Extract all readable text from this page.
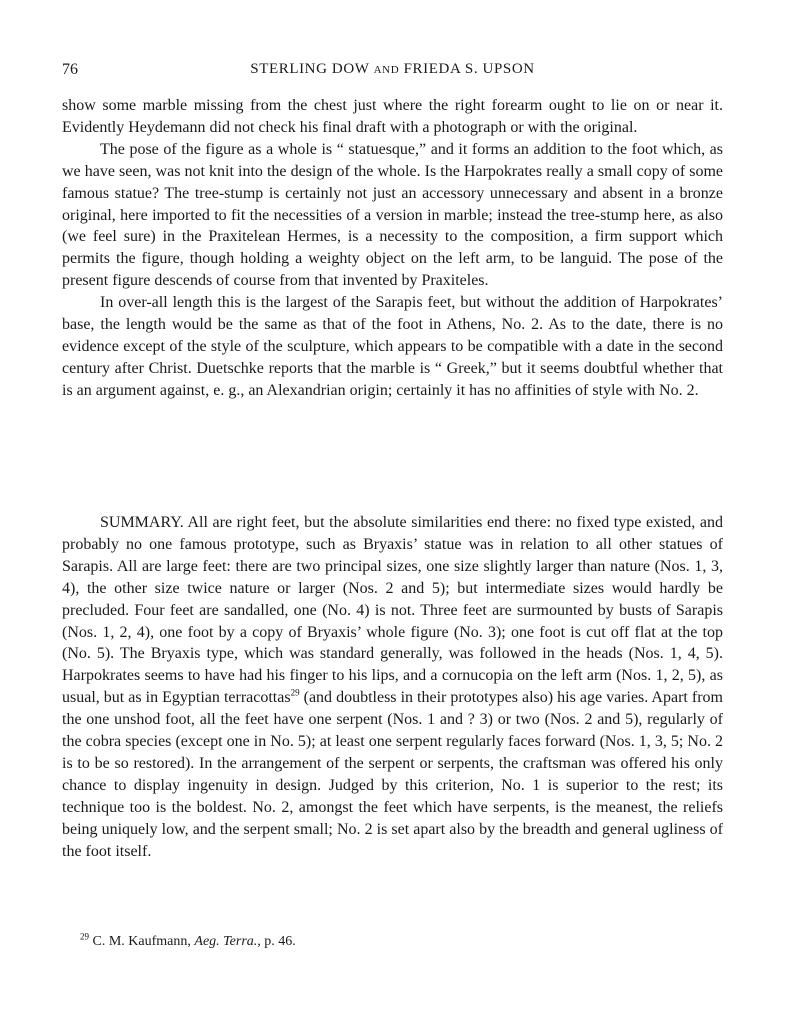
76	STERLING DOW AND FRIEDA S. UPSON

show some marble missing from the chest just where the right forearm ought to lie on or near it. Evidently Heydemann did not check his final draft with a photograph or with the original.

The pose of the figure as a whole is “ statuesque,” and it forms an addition to the foot which, as we have seen, was not knit into the design of the whole. Is the Harpokrates really a small copy of some famous statue? The tree-stump is certainly not just an accessory unnecessary and absent in a bronze original, here imported to fit the necessities of a version in marble; instead the tree-stump here, as also (we feel sure) in the Praxitelean Hermes, is a necessity to the composition, a firm support which permits the figure, though holding a weighty object on the left arm, to be languid. The pose of the present figure descends of course from that invented by Praxiteles.

In over-all length this is the largest of the Sarapis feet, but without the addition of Harpokrates’ base, the length would be the same as that of the foot in Athens, No. 2. As to the date, there is no evidence except of the style of the sculpture, which appears to be compatible with a date in the second century after Christ. Duetschke reports that the marble is “ Greek,” but it seems doubtful whether that is an argument against, e. g., an Alexandrian origin; certainly it has no affinities of style with No. 2.

SUMMARY. All are right feet, but the absolute similarities end there: no fixed type existed, and probably no one famous prototype, such as Bryaxis’ statue was in relation to all other statues of Sarapis. All are large feet: there are two principal sizes, one size slightly larger than nature (Nos. 1, 3, 4), the other size twice nature or larger (Nos. 2 and 5); but intermediate sizes would hardly be precluded. Four feet are sandalled, one (No. 4) is not. Three feet are surmounted by busts of Sarapis (Nos. 1, 2, 4), one foot by a copy of Bryaxis’ whole figure (No. 3); one foot is cut off flat at the top (No. 5). The Bryaxis type, which was standard generally, was followed in the heads (Nos. 1, 4, 5). Harpokrates seems to have had his finger to his lips, and a cornucopia on the left arm (Nos. 1, 2, 5), as usual, but as in Egyptian terracottas$^{29}$ (and doubtless in their prototypes also) his age varies. Apart from the one unshod foot, all the feet have one serpent (Nos. 1 and ? 3) or two (Nos. 2 and 5), regularly of the cobra species (except one in No. 5); at least one serpent regularly faces forward (Nos. 1, 3, 5; No. 2 is to be so restored). In the arrangement of the serpent or serpents, the craftsman was offered his only chance to display ingenuity in design. Judged by this criterion, No. 1 is superior to the rest; its technique too is the boldest. No. 2, amongst the feet which have serpents, is the meanest, the reliefs being uniquely low, and the serpent small; No. 2 is set apart also by the breadth and general ugliness of the foot itself.

$^{29}$ C. M. Kaufmann, Aeg. Terra., p. 46.
